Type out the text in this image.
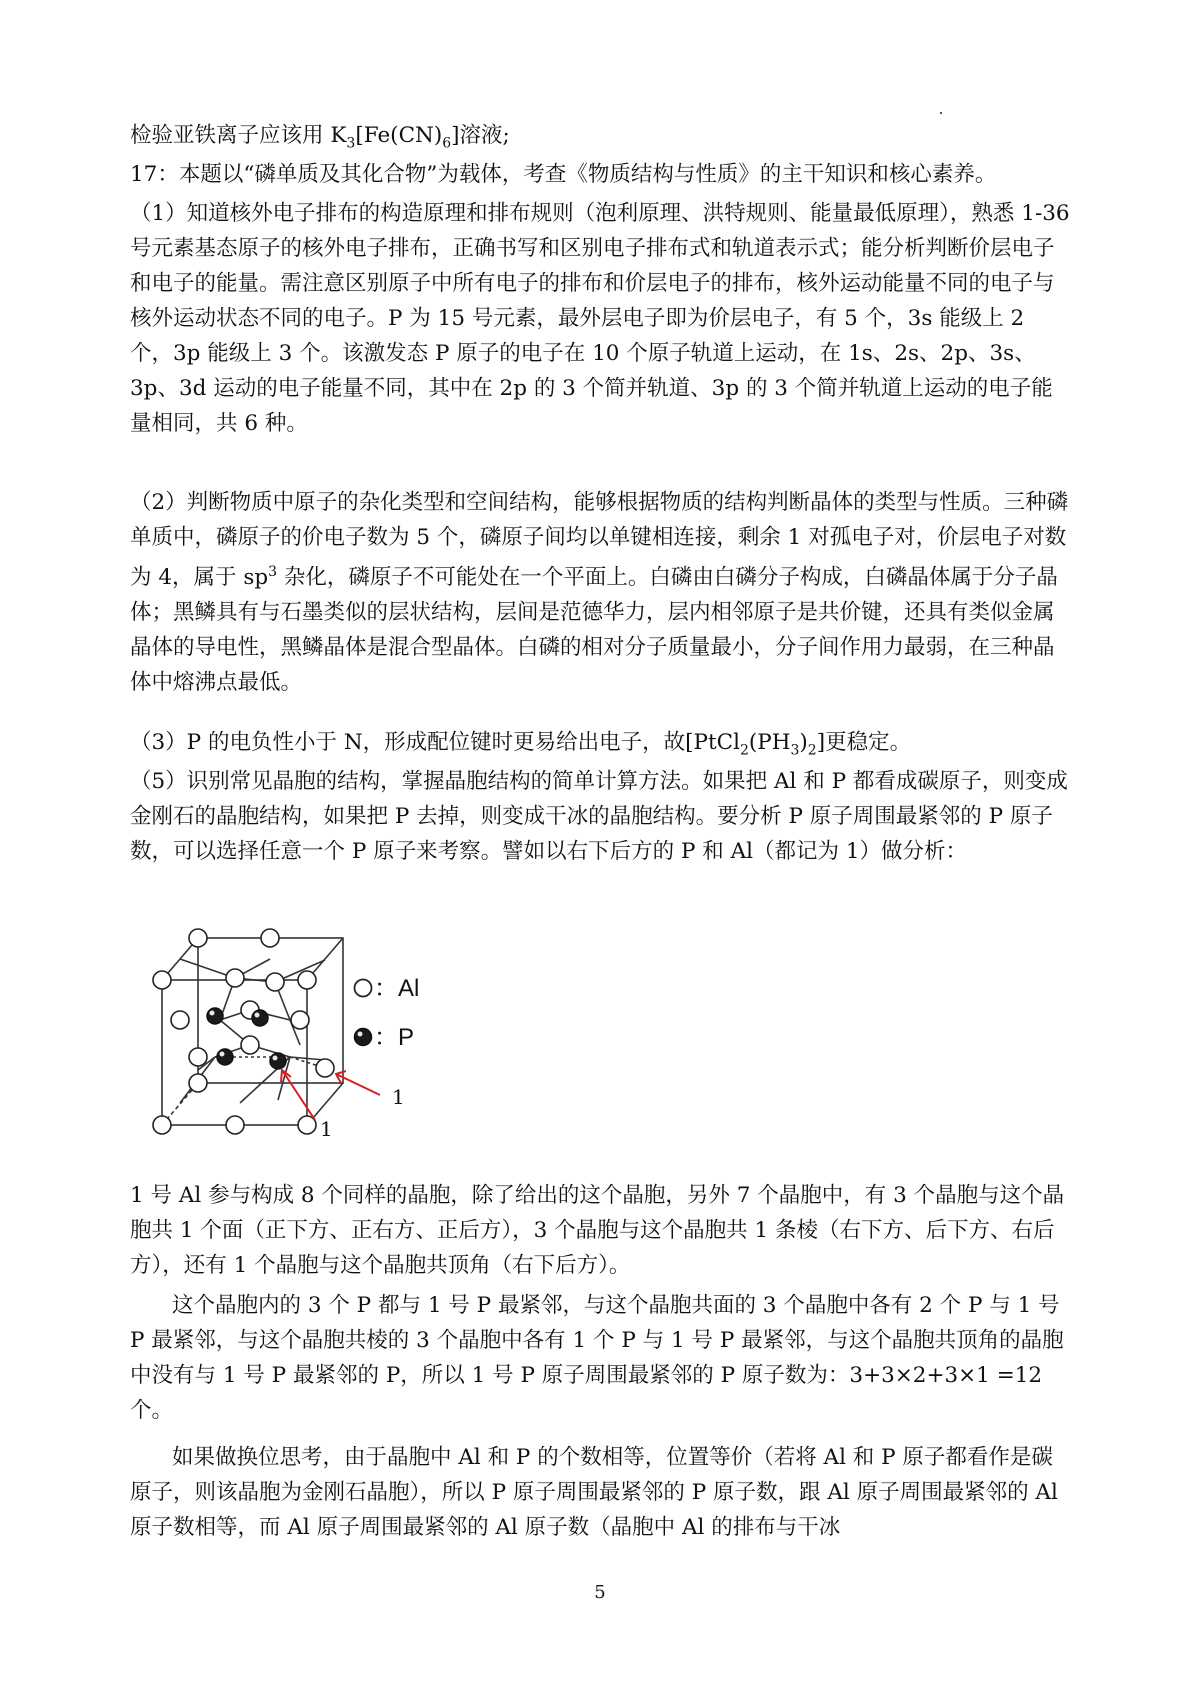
检验亚铁离子应该用 $K_3[Fe(CN)_6]$溶液;

17：本题以“磷单质及其化合物”为载体，考查《物质结构与性质》的主干知识和核心素养。

（1）知道核外电子排布的构造原理和排布规则（泡利原理、洪特规则、能量最低原理），熟悉 1-36 号元素基态原子的核外电子排布，正确书写和区别电子排布式和轨道表示式；能分析判断价层电子和电子的能量。需注意区别原子中所有电子的排布和价层电子的排布，核外运动能量不同的电子与核外运动状态不同的电子。P 为 15 号元素，最外层电子即为价层电子，有 5 个，3s 能级上 2 个，3p 能级上 3 个。该激发态 P 原子的电子在 10 个原子轨道上运动，在 1s、2s、2p、3s、3p、3d 运动的电子能量不同，其中在 2p 的 3 个简并轨道、3p 的 3 个简并轨道上运动的电子能量相同，共 6 种。

（2）判断物质中原子的杂化类型和空间结构，能够根据物质的结构判断晶体的类型与性质。三种磷单质中，磷原子的价电子数为 5 个，磷原子间均以单键相连接，剩余 1 对孤电子对，价层电子对数为 4，属于 $sp^3$ 杂化，磷原子不可能处在一个平面上。白磷由白磷分子构成，白磷晶体属于分子晶体；黑鳞具有与石墨类似的层状结构，层间是范德华力，层内相邻原子是共价键，还具有类似金属晶体的导电性，黑鳞晶体是混合型晶体。白磷的相对分子质量最小，分子间作用力最弱，在三种晶体中熔沸点最低。

（3）P 的电负性小于 N，形成配位键时更易给出电子，故$[PtCl_2(PH_3)_2]$更稳定。

（5）识别常见晶胞的结构，掌握晶胞结构的简单计算方法。如果把 Al 和 P 都看成碳原子，则变成金刚石的晶胞结构，如果把 P 去掉，则变成干冰的晶胞结构。要分析 P 原子周围最紧邻的 P 原子数，可以选择任意一个 P 原子来考察。譬如以右下后方的 P 和 Al（都记为 1）做分析：

：Al
：P
1
1

1 号 Al 参与构成 8 个同样的晶胞，除了给出的这个晶胞，另外 7 个晶胞中，有 3 个晶胞与这个晶胞共 1 个面（正下方、正右方、正后方），3 个晶胞与这个晶胞共 1 条棱（右下方、后下方、右后方），还有 1 个晶胞与这个晶胞共顶角（右下后方）。

这个晶胞内的 3 个 P 都与 1 号 P 最紧邻，与这个晶胞共面的 3 个晶胞中各有 2 个 P 与 1 号 P 最紧邻，与这个晶胞共棱的 3 个晶胞中各有 1 个 P 与 1 号 P 最紧邻，与这个晶胞共顶角的晶胞中没有与 1 号 P 最紧邻的 P，所以 1 号 P 原子周围最紧邻的 P 原子数为：3+3×2+3×1 =12 个。

如果做换位思考，由于晶胞中 Al 和 P 的个数相等，位置等价（若将 Al 和 P 原子都看作是碳原子，则该晶胞为金刚石晶胞），所以 P 原子周围最紧邻的 P 原子数，跟 Al 原子周围最紧邻的 Al 原子数相等，而 Al 原子周围最紧邻的 Al 原子数（晶胞中 Al 的排布与干冰

5
